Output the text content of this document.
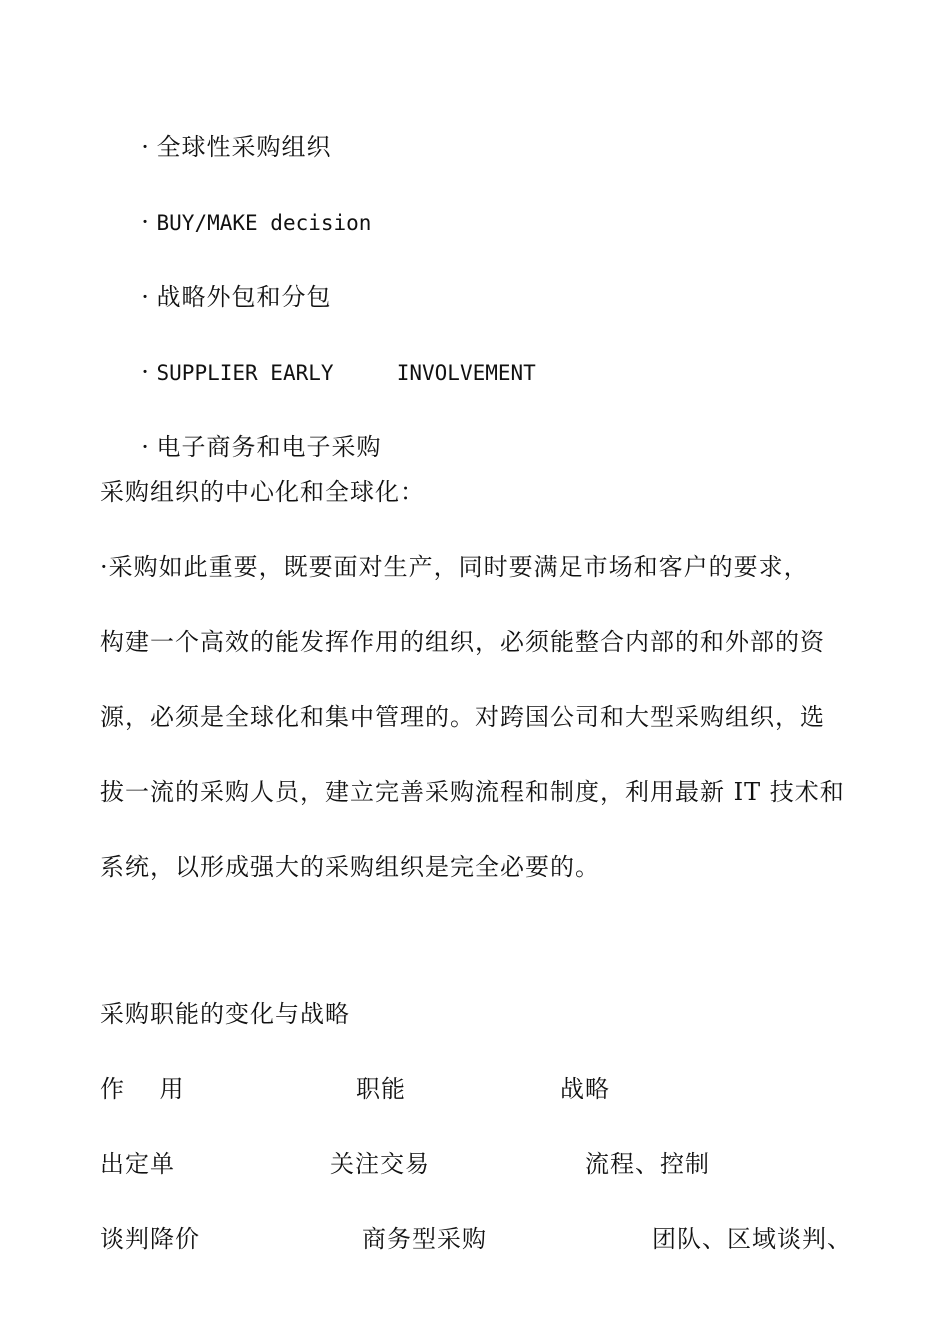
· 全球性采购组织

· BUY/MAKE decision

· 战略外包和分包

· SUPPLIER EARLY     INVOLVEMENT

· 电子商务和电子采购

采购组织的中心化和全球化：
·采购如此重要，既要面对生产，同时要满足市场和客户的要求，
构建一个高效的能发挥作用的组织，必须能整合内部的和外部的资
源，必须是全球化和集中管理的。对跨国公司和大型采购组织，选
拔一流的采购人员，建立完善采购流程和制度，利用最新 IT 技术和
系统，以形成强大的采购组织是完全必要的。
采购职能的变化与战略
作    用	职能	战略
出定单	关注交易	流程、控制
谈判降价	商务型采购	团队、区域谈判、
